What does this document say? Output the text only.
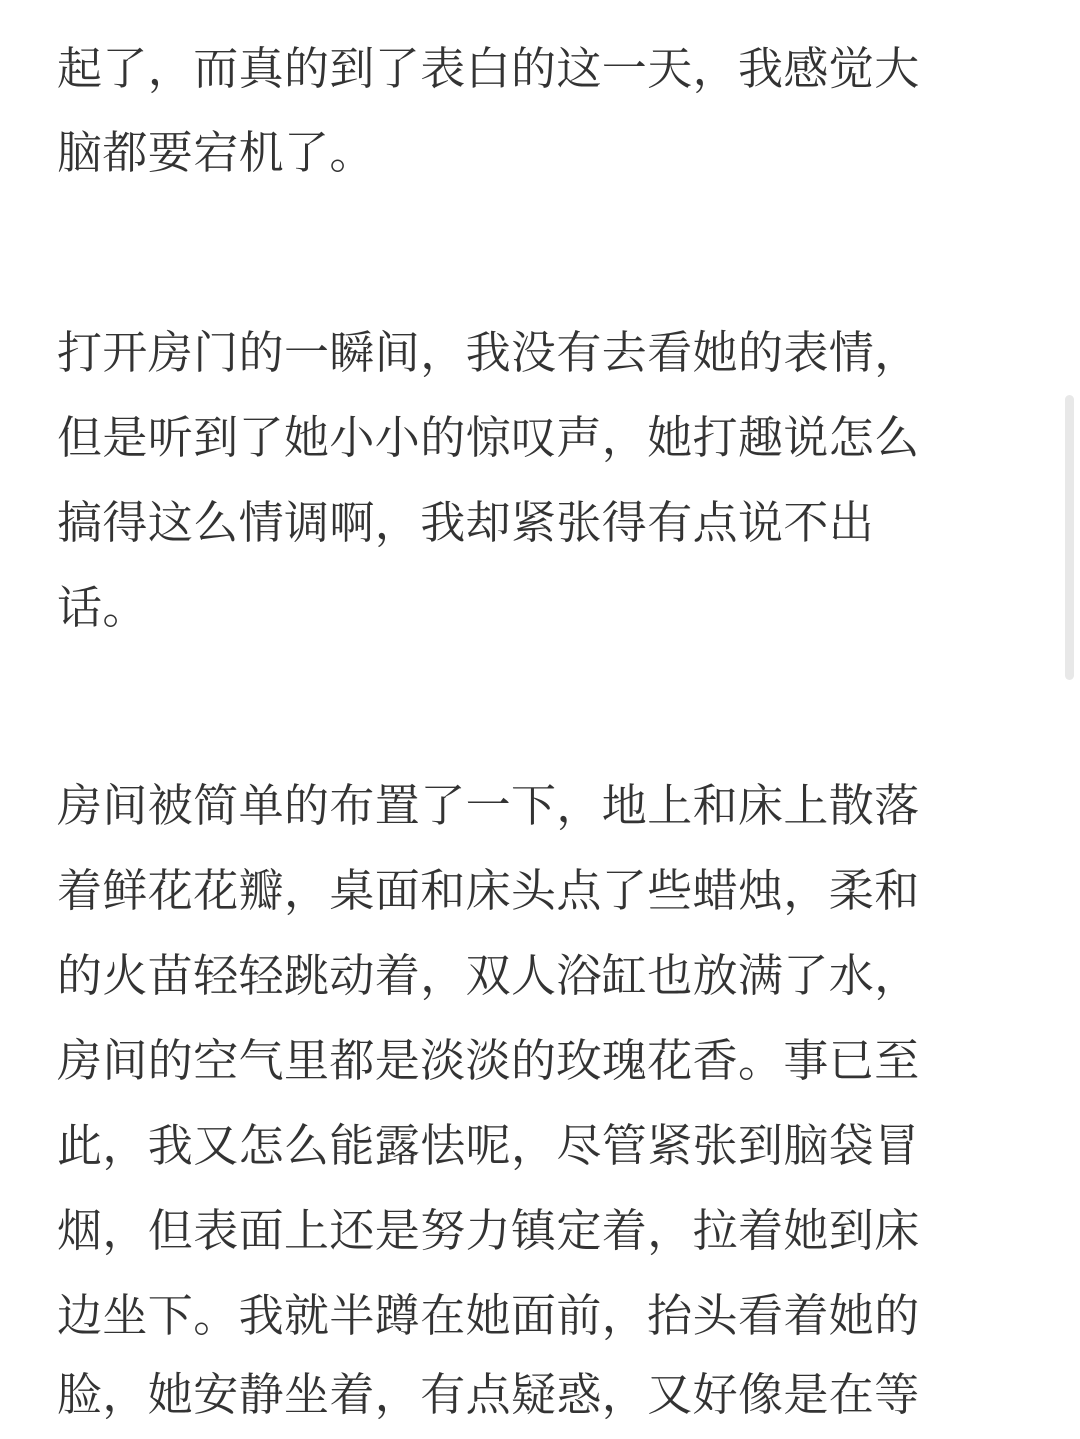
起了，而真的到了表白的这一天，我感觉大
脑都要宕机了。
打开房门的一瞬间，我没有去看她的表情，
但是听到了她小小的惊叹声，她打趣说怎么
搞得这么情调啊，我却紧张得有点说不出
话。
房间被简单的布置了一下，地上和床上散落
着鲜花花瓣，桌面和床头点了些蜡烛，柔和
的火苗轻轻跳动着，双人浴缸也放满了水，
房间的空气里都是淡淡的玫瑰花香。事已至
此，我又怎么能露怯呢，尽管紧张到脑袋冒
烟，但表面上还是努力镇定着，拉着她到床
边坐下。我就半蹲在她面前，抬头看着她的
脸，她安静坐着，有点疑惑，又好像是在等
